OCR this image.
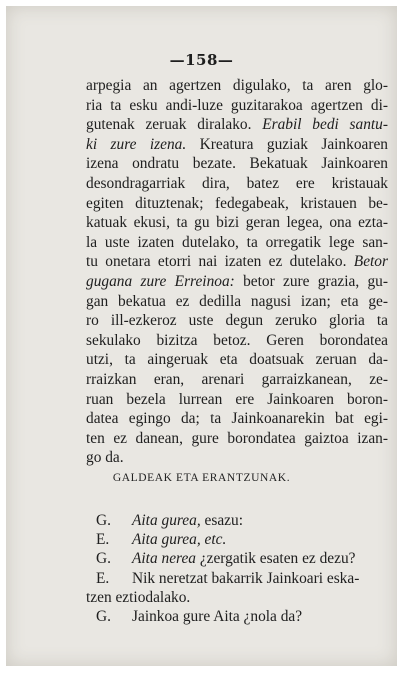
—158—
arpegia an agertzen digulako, ta aren glo-
ria ta esku andi-luze guzitarakoa agertzen di-
gutenak zeruak diralako. Erabil bedi santu-
ki zure izena. Kreatura guziak Jainkoaren
izena ondratu bezate. Bekatuak Jainkoaren
desondragarriak dira, batez ere kristauak
egiten dituztenak; fedegabeak, kristauen be-
katuak ekusi, ta gu bizi geran legea, ona ezta-
la uste izaten dutelako, ta orregatik lege san-
tu onetara etorri nai izaten ez dutelako. Betor
gugana zure Erreinoa: betor zure grazia, gu-
gan bekatua ez dedilla nagusi izan; eta ge-
ro ill-ezkeroz uste degun zeruko gloria ta
sekulako bizitza betoz. Geren borondatea
utzi, ta aingeruak eta doatsuak zeruan da-
rraizkan eran, arenari garraizkanean, ze-
ruan bezela lurrean ere Jainkoaren boron-
datea egingo da; ta Jainkoanarekin bat egi-
ten ez danean, gure borondatea gaiztoa izan-
go da.
GALDEAK ETA ERANTZUNAK.
G. Aita gurea, esazu:
E. Aita gurea, etc.
G. Aita nerea ¿zergatik esaten ez dezu?
E. Nik neretzat bakarrik Jainkoari eska-
tzen eztiodalako.
G. Jainkoa gure Aita ¿nola da?
